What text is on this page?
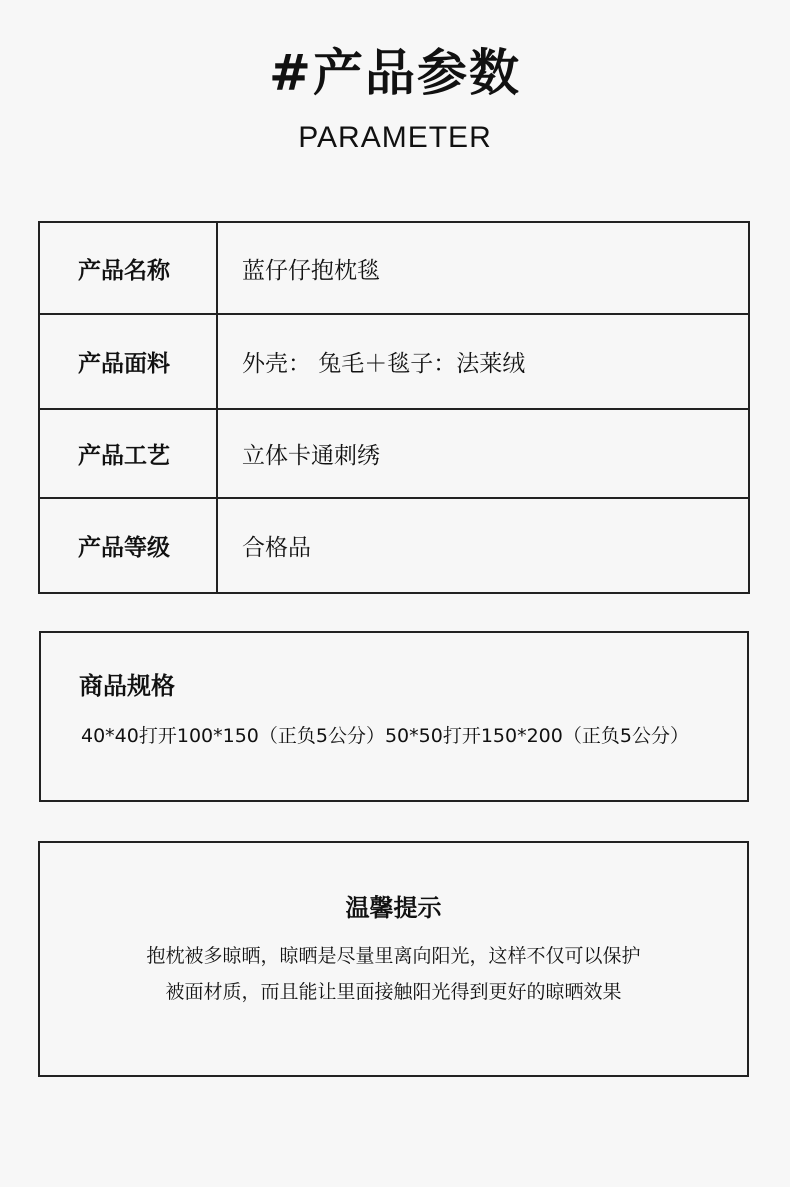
#产品参数
PARAMETER
产品名称	蓝仔仔抱枕毯
产品面料	外壳： 兔毛＋毯子：法莱绒
产品工艺	立体卡通刺绣
产品等级	合格品
商品规格
40*40打开100*150（正负5公分）50*50打开150*200（正负5公分）
温馨提示
抱枕被多晾晒，晾晒是尽量里离向阳光，这样不仅可以保护
被面材质，而且能让里面接触阳光得到更好的晾晒效果
